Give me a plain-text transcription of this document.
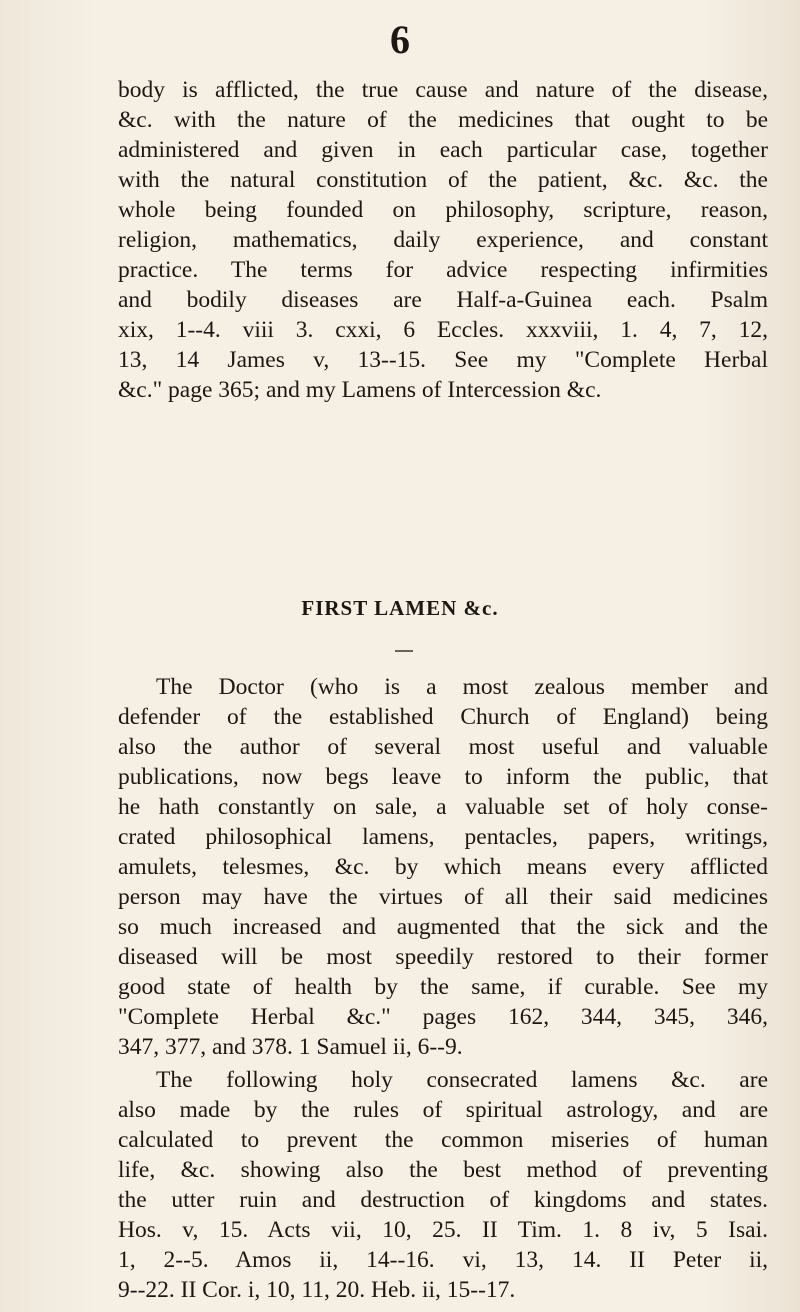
6
body is afflicted, the true cause and nature of the disease,
&c. with the nature of the medicines that ought to be
administered and given in each particular case, together
with the natural constitution of the patient, &c. &c. the
whole being founded on philosophy, scripture, reason,
religion, mathematics, daily experience, and constant
practice. The terms for advice respecting infirmities
and bodily diseases are Half-a-Guinea each. Psalm
xix, 1--4. viii 3. cxxi, 6 Eccles. xxxviii, 1. 4, 7, 12,
13, 14 James v, 13--15. See my "Complete Herbal
&c." page 365; and my Lamens of Intercession &c.
FIRST LAMEN &c.
The Doctor (who is a most zealous member and
defender of the established Church of England) being
also the author of several most useful and valuable
publications, now begs leave to inform the public, that
he hath constantly on sale, a valuable set of holy conse-
crated philosophical lamens, pentacles, papers, writings,
amulets, telesmes, &c. by which means every afflicted
person may have the virtues of all their said medicines
so much increased and augmented that the sick and the
diseased will be most speedily restored to their former
good state of health by the same, if curable. See my
"Complete Herbal &c." pages 162, 344, 345, 346,
347, 377, and 378. 1 Samuel ii, 6--9.
The following holy consecrated lamens &c. are
also made by the rules of spiritual astrology, and are
calculated to prevent the common miseries of human
life, &c. showing also the best method of preventing
the utter ruin and destruction of kingdoms and states.
Hos. v, 15. Acts vii, 10, 25. II Tim. 1. 8 iv, 5 Isai.
1, 2--5. Amos ii, 14--16. vi, 13, 14. II Peter ii,
9--22. II Cor. i, 10, 11, 20. Heb. ii, 15--17.
